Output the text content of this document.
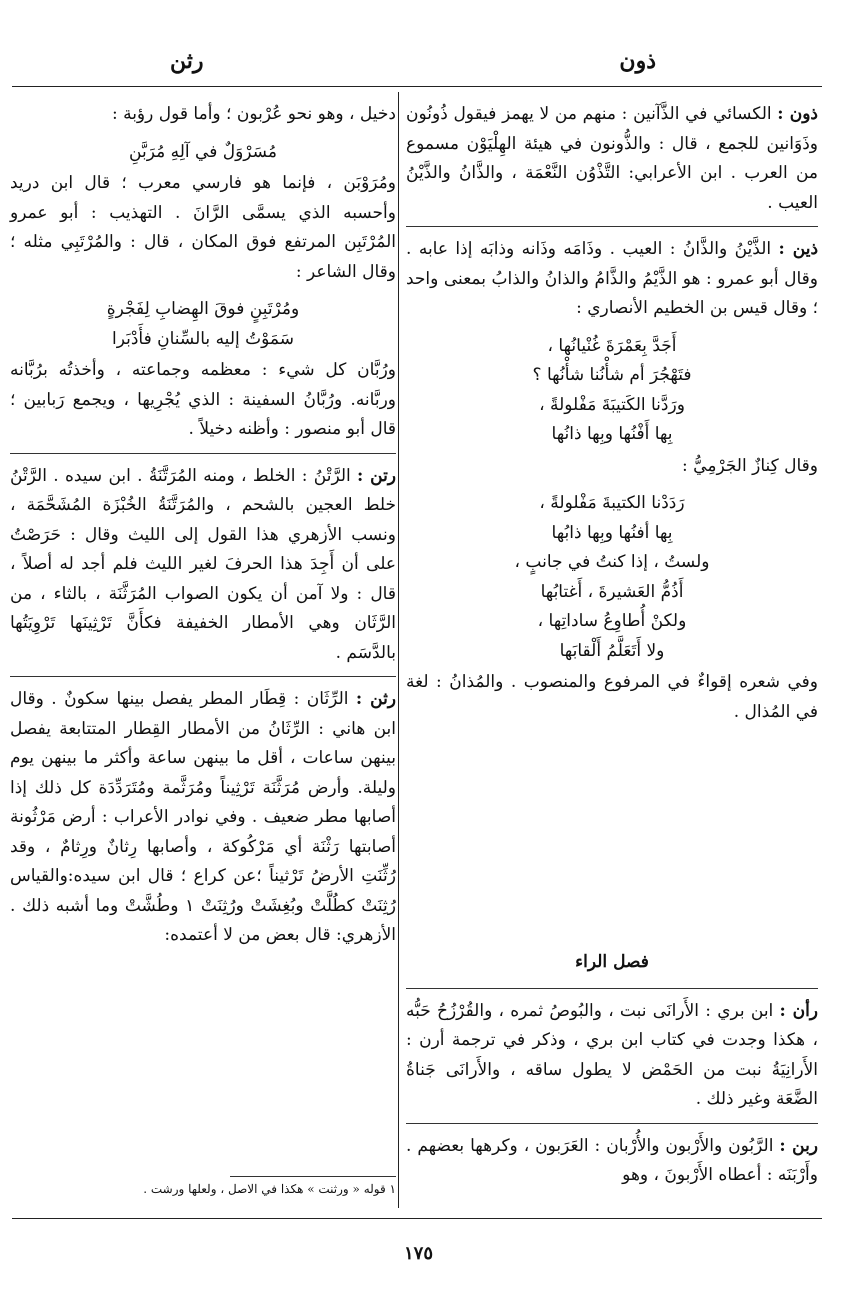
ذون
رثن

ذون : الكسائي في الذَّآنين : منهم من لا يهمز فيقول ذُونُون وذَوَانين للجمع ، قال : والذُّونون في هيئة الهِلْيَوْن مسموع من العرب . ابن الأعرابي: التَّذْوُن النَّعْمَة ، والذَّانُ والذَّيْنُ العيب .

ذين : الذَّيْنُ والذَّانُ : العيب . وذَامَه وذَانه وذابَه إذا عابه . وقال أبو عمرو : هو الذَّيْمُ والذَّامُ والذانُ والذابُ بمعنى واحد ؛ وقال قيس بن الخطيم الأنصاري :

أَجَدَّ بِعَمْرَةَ غُنْيانُها ،
فتَهْجُرَ أم شأْنُنا شأْنُها ؟
ورَدَّنا الكَتيبَةَ مَفْلولةً ،
بِها أَفْنُها وبِها ذانُها

وقال كِنازٌ الجَرْمِيُّ :

رَدَدْنا الكتيبةَ مَفْلولةً ،
بِها أفنُها وبِها ذابُها
ولستُ ، إذا كنتُ في جانبٍ ،
أَذُمُّ العَشيرةَ ، أَغتابُها
ولكنْ أُطاوِعُ ساداتِها ،
ولا أَتَعَلَّمُ أَلْقابَها

وفي شعره إقواءٌ في المرفوع والمنصوب . والمُذانُ : لغة في المُذال .

فصل الراء

رأن : ابن بري : الأَرانَى نبت ، والبُوصُ ثمره ، والقُرْزُحُ حَبُّه ، هكذا وجدت في كتاب ابن بري ، وذكر في ترجمة أرن : الأَرانِيَةُ نبت من الحَمْض لا يطول ساقه ، والأَرانَى جَناةُ الضَّعَة وغير ذلك .

ربن : الرَّبُون والأَرْبون والأُرْبان : العَرَبون ، وكرهها بعضهم . وأَرْبَنَه : أعطاه الأَرْبونَ ، وهو

دخيل ، وهو نحو عُرْبون ؛ وأما قول رؤبة :

مُسَرْوَلٌ في آلِهِ مُرَبَّنِ

ومُرَوْبَن ، فإنما هو فارسي معرب ؛ قال ابن دريد وأحسبه الذي يسمَّى الرَّانَ . التهذيب : أبو عمرو المُرْتَبِن المرتفع فوق المكان ، قال : والمُرْتَبِي مثله ؛ وقال الشاعر :

ومُرْتَبِنٍ فوقَ الهِضابِ لِفَجْرةٍ
سَمَوْتُ إليه بالسِّنانِ فأَدْبَرا

ورُبَّان كل شيء : معظمه وجماعته ، وأخذتُه برُبَّانه وربَّانه. ورُبَّانُ السفينة : الذي يُجْرِيها ، ويجمع رَبابين ؛ قال أبو منصور : وأظنه دخيلاً .

رتن : الرَّتْنُ : الخلط ، ومنه المُرَتَّنَةُ . ابن سيده . الرَّتْنُ خلط العجين بالشحم ، والمُرَتَّنَةُ الخُبْزَة المُشَحَّمَة ، ونسب الأزهري هذا القول إلى الليث وقال : حَرَصْتُ على أن أَجِدَ هذا الحرفَ لغير الليث فلم أجد له أصلاً ، قال : ولا آمن أن يكون الصواب المُرَثَّنَة ، بالثاء ، من الرَّثَان وهي الأمطار الخفيفة فكأَنَّ تَرْثِينَها تَرْوِيَتُها بالدَّسَم .

رثن : الرِّثَان : قِطَار المطر يفصل بينها سكونٌ . وقال ابن هاني : الرِّثَانُ من الأمطار القِطار المتتابعة يفصل بينهن ساعات ، أقل ما بينهن ساعة وأكثر ما بينهن يوم وليلة. وأرض مُرَثَّنَة تَرْثِيناً ومُرَثَّمة ومُتَرَدِّدَة كل ذلك إذا أصابها مطر ضعيف . وفي نوادر الأعراب : أرض مَرْثُونة أصابتها رَثْنَة أي مَرْكُوكة ، وأصابها رِثانٌ ورِثامٌ ، وقد رُثِّنَتِ الأرضُ تَرْثيناً ؛عن كراع ؛ قال ابن سيده:والقياس رُثِنَتْ كطُلَّتْ وبُغِشَتْ ورُثِنَتْ ١ وطُشَّتْ وما أشبه ذلك . الأزهري: قال بعض من لا أعتمده:

١ قوله « ورثنت » هكذا في الاصل ، ولعلها ورشت .
١٧٥
